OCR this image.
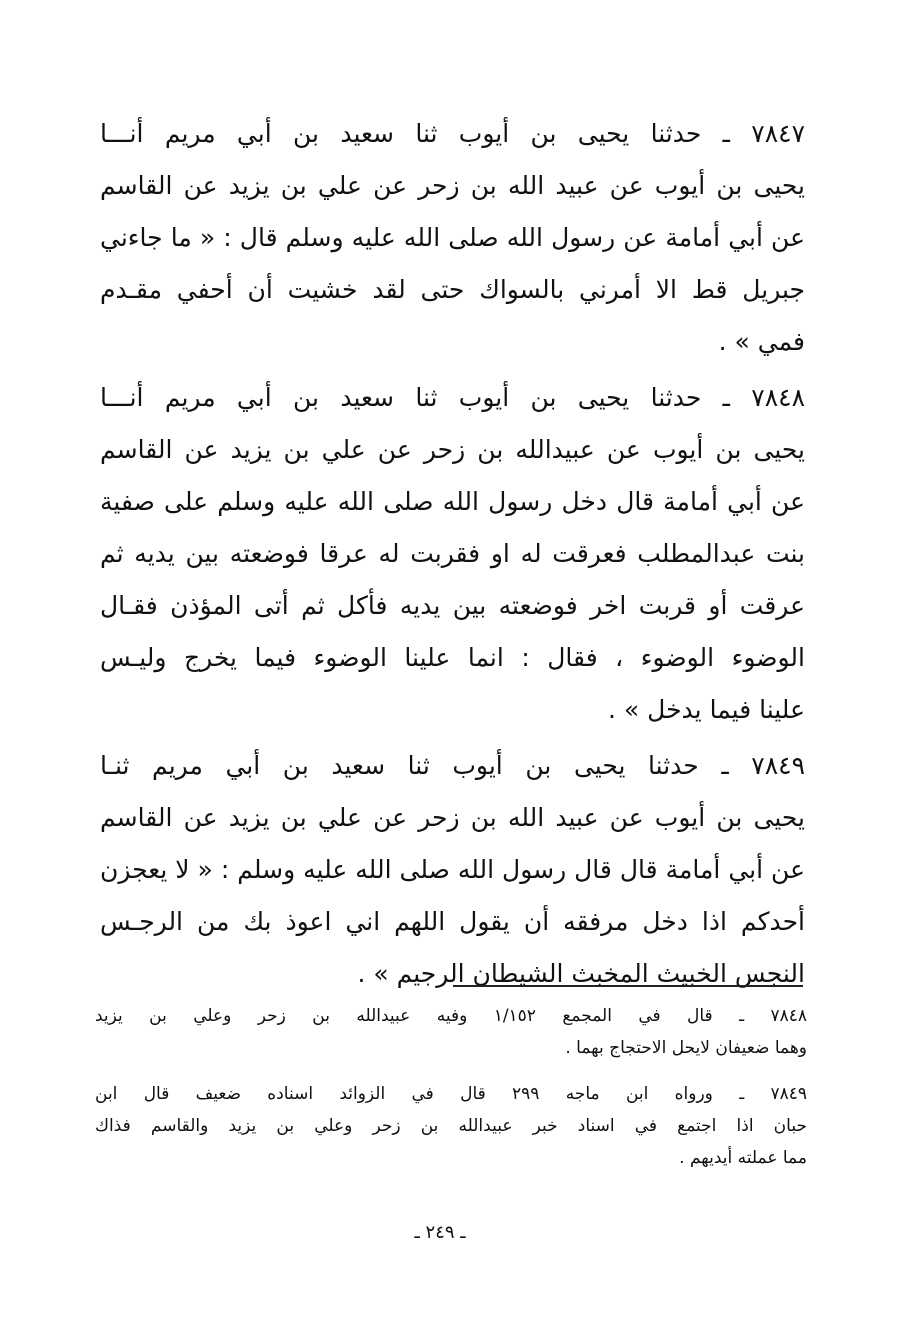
٧٨٤٧ ـ حدثنا يحيى بن أيوب ثنا سعيد بن أبي مريم أنـــا
يحيى بن أيوب عن عبيد الله بن زحر عن علي بن يزيد عن القاسم
عن أبي أمامة عن رسول الله صلى الله عليه وسلم قال : « ما جاءني
جبريل قط الا أمرني بالسواك حتى لقد خشيت أن أحفي مقـدم
فمي » .
٧٨٤٨ ـ حدثنا يحيى بن أيوب ثنا سعيد بن أبي مريم أنـــا
يحيى بن أيوب عن عبيدالله بن زحر عن علي بن يزيد عن القاسم
عن أبي أمامة قال دخل رسول الله صلى الله عليه وسلم على صفية
بنت عبدالمطلب فعرقت له او فقربت له عرقا فوضعته بين يديه ثم
عرقت أو قربت اخر فوضعته بين يديه فأكل ثم أتى المؤذن فقـال
الوضوء الوضوء ، فقال : انما علينا الوضوء فيما يخرج وليـس
علينا فيما يدخل » .
٧٨٤٩ ـ حدثنا يحيى بن أيوب ثنا سعيد بن أبي مريم ثنـا
يحيى بن أيوب عن عبيد الله بن زحر عن علي بن يزيد عن القاسم
عن أبي أمامة قال قال رسول الله صلى الله عليه وسلم : « لا يعجزن
أحدكم اذا دخل مرفقه أن يقول اللهم اني اعوذ بك من الرجـس
النجس الخبيث المخبث الشيطان الرجيم » .
٧٨٤٨ ـ قال في المجمع ١/١٥٢ وفيه عبيدالله بن زحر وعلي بن يزيد
وهما ضعيفان لايحل الاحتجاج بهما .
٧٨٤٩ ـ ورواه ابن ماجه ٢٩٩ قال في الزوائد اسناده ضعيف قال ابن
حبان اذا اجتمع في اسناد خبر عبيدالله بن زحر وعلي بن يزيد والقاسم فذاك
مما عملته أيديهم .
ـ ٢٤٩ ـ
